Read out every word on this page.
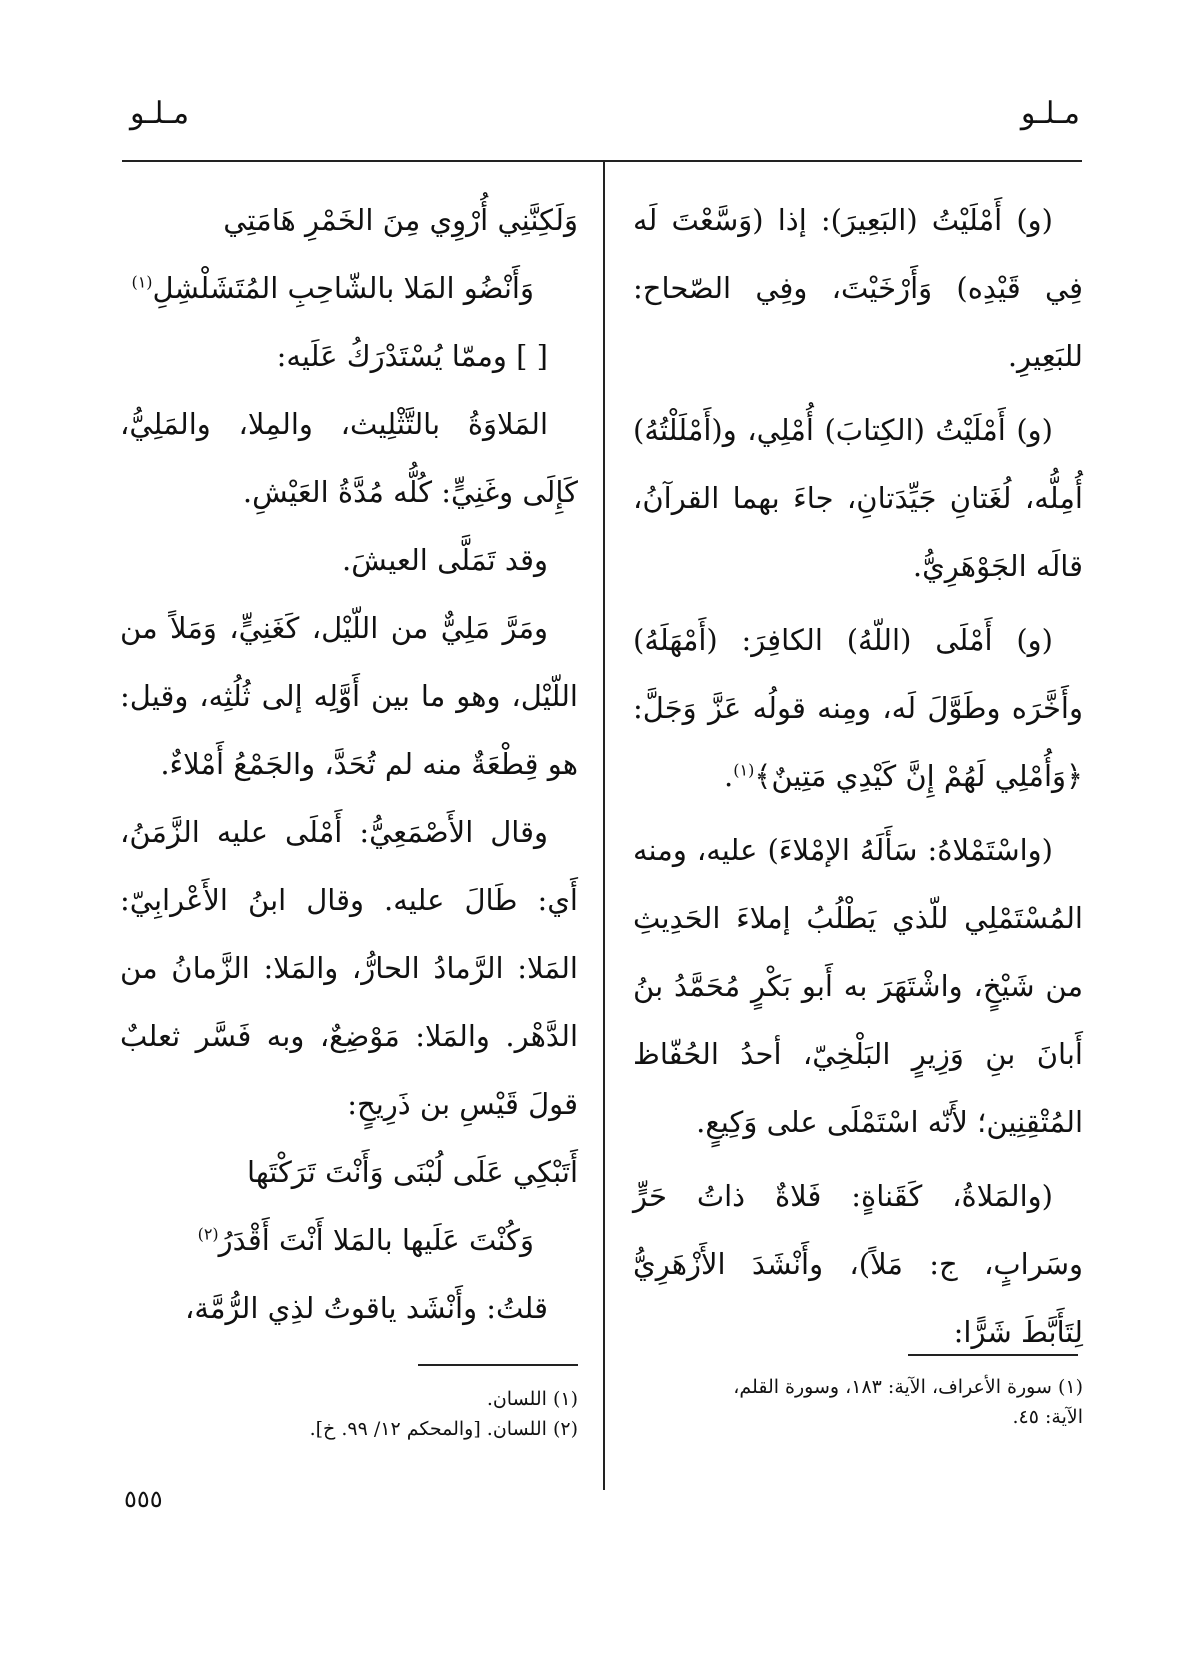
مـلـو
مـلـو

(و) أَمْلَيْتُ (البَعِيرَ): إذا (وَسَّعْتَ لَه فِي قَيْدِه) وَأَرْخَيْتَ، وفِي الصّحاح: للبَعِيرِ.

(و) أَمْلَيْتُ (الكِتابَ) أُمْلِي، و(أَمْلَلْتُهُ) أُمِلُّه، لُغَتانِ جَيِّدَتانِ، جاءَ بهما القرآنُ، قالَه الجَوْهَرِيُّ.

(و) أَمْلَى (اللّهُ) الكافِرَ: (أَمْهَلَهُ) وأَخَّرَه وطَوَّلَ لَه، ومِنه قولُه عَزَّ وَجَلَّ: ﴿وَأُمْلِي لَهُمْ إِنَّ كَيْدِي مَتِينٌ﴾$^{(١)}$.

(واسْتَمْلاهُ: سَأَلَهُ الإمْلاءَ) عليه، ومنه المُسْتَمْلِي للّذي يَطْلُبُ إملاءَ الحَدِيثِ من شَيْخٍ، واشْتَهَرَ به أَبو بَكْرٍ مُحَمَّدُ بنُ أَبانَ بنِ وَزِيرٍ البَلْخِيّ، أحدُ الحُفّاظ المُتْقِنِين؛ لأَنّه اسْتَمْلَى على وَكِيعٍ.

(والمَلاةُ، كَقَناةٍ: فَلاةٌ ذاتُ حَرٍّ وسَرابٍ، ج: مَلاً)، وأَنْشَدَ الأَزْهَرِيُّ لِتَأَبَّطَ شَرًّا:

وَلَكِنَّنِي أُرْوِي مِنَ الخَمْرِ هَامَتِي
وَأَنْضُو المَلا بالشّاحِبِ المُتَشَلْشِلِ$^{(١)}$

[ ] وممّا يُسْتَدْرَكُ عَلَيه:

المَلاوَةُ بالتَّثْلِيث، والمِلا، والمَلِيُّ، كَإِلَى وغَنِيٍّ: كُلُّه مُدَّةُ العَيْشِ.

وقد تَمَلَّى العيشَ.

ومَرَّ مَلِيٌّ من اللّيْل، كَغَنِيٍّ، وَمَلاً من اللّيْل، وهو ما بين أَوَّلِه إلى ثُلُثِه، وقيل: هو قِطْعَةٌ منه لم تُحَدَّ، والجَمْعُ أَمْلاءٌ.

وقال الأَصْمَعِيُّ: أَمْلَى عليه الزَّمَنُ، أَي: طَالَ عليه. وقال ابنُ الأَعْرابِيّ: المَلا: الرَّمادُ الحارُّ، والمَلا: الزَّمانُ من الدَّهْر. والمَلا: مَوْضِعٌ، وبه فَسَّر ثعلبٌ قولَ قَيْسِ بن ذَرِيحٍ:

أَتَبْكِي عَلَى لُبْنَى وَأَنْتَ تَرَكْتَها
وَكُنْتَ عَلَيها بالمَلا أَنْتَ أَقْدَرُ$^{(٢)}$

قلتُ: وأَنْشَد ياقوتُ لذِي الرُّمَّة،

(١) سورة الأعراف، الآية: ١٨٣، وسورة القلم،
الآية: ٤٥.
(١) اللسان.
(٢) اللسان. [والمحكم ١٢/ ٩٩. خ].
٥٥٥
